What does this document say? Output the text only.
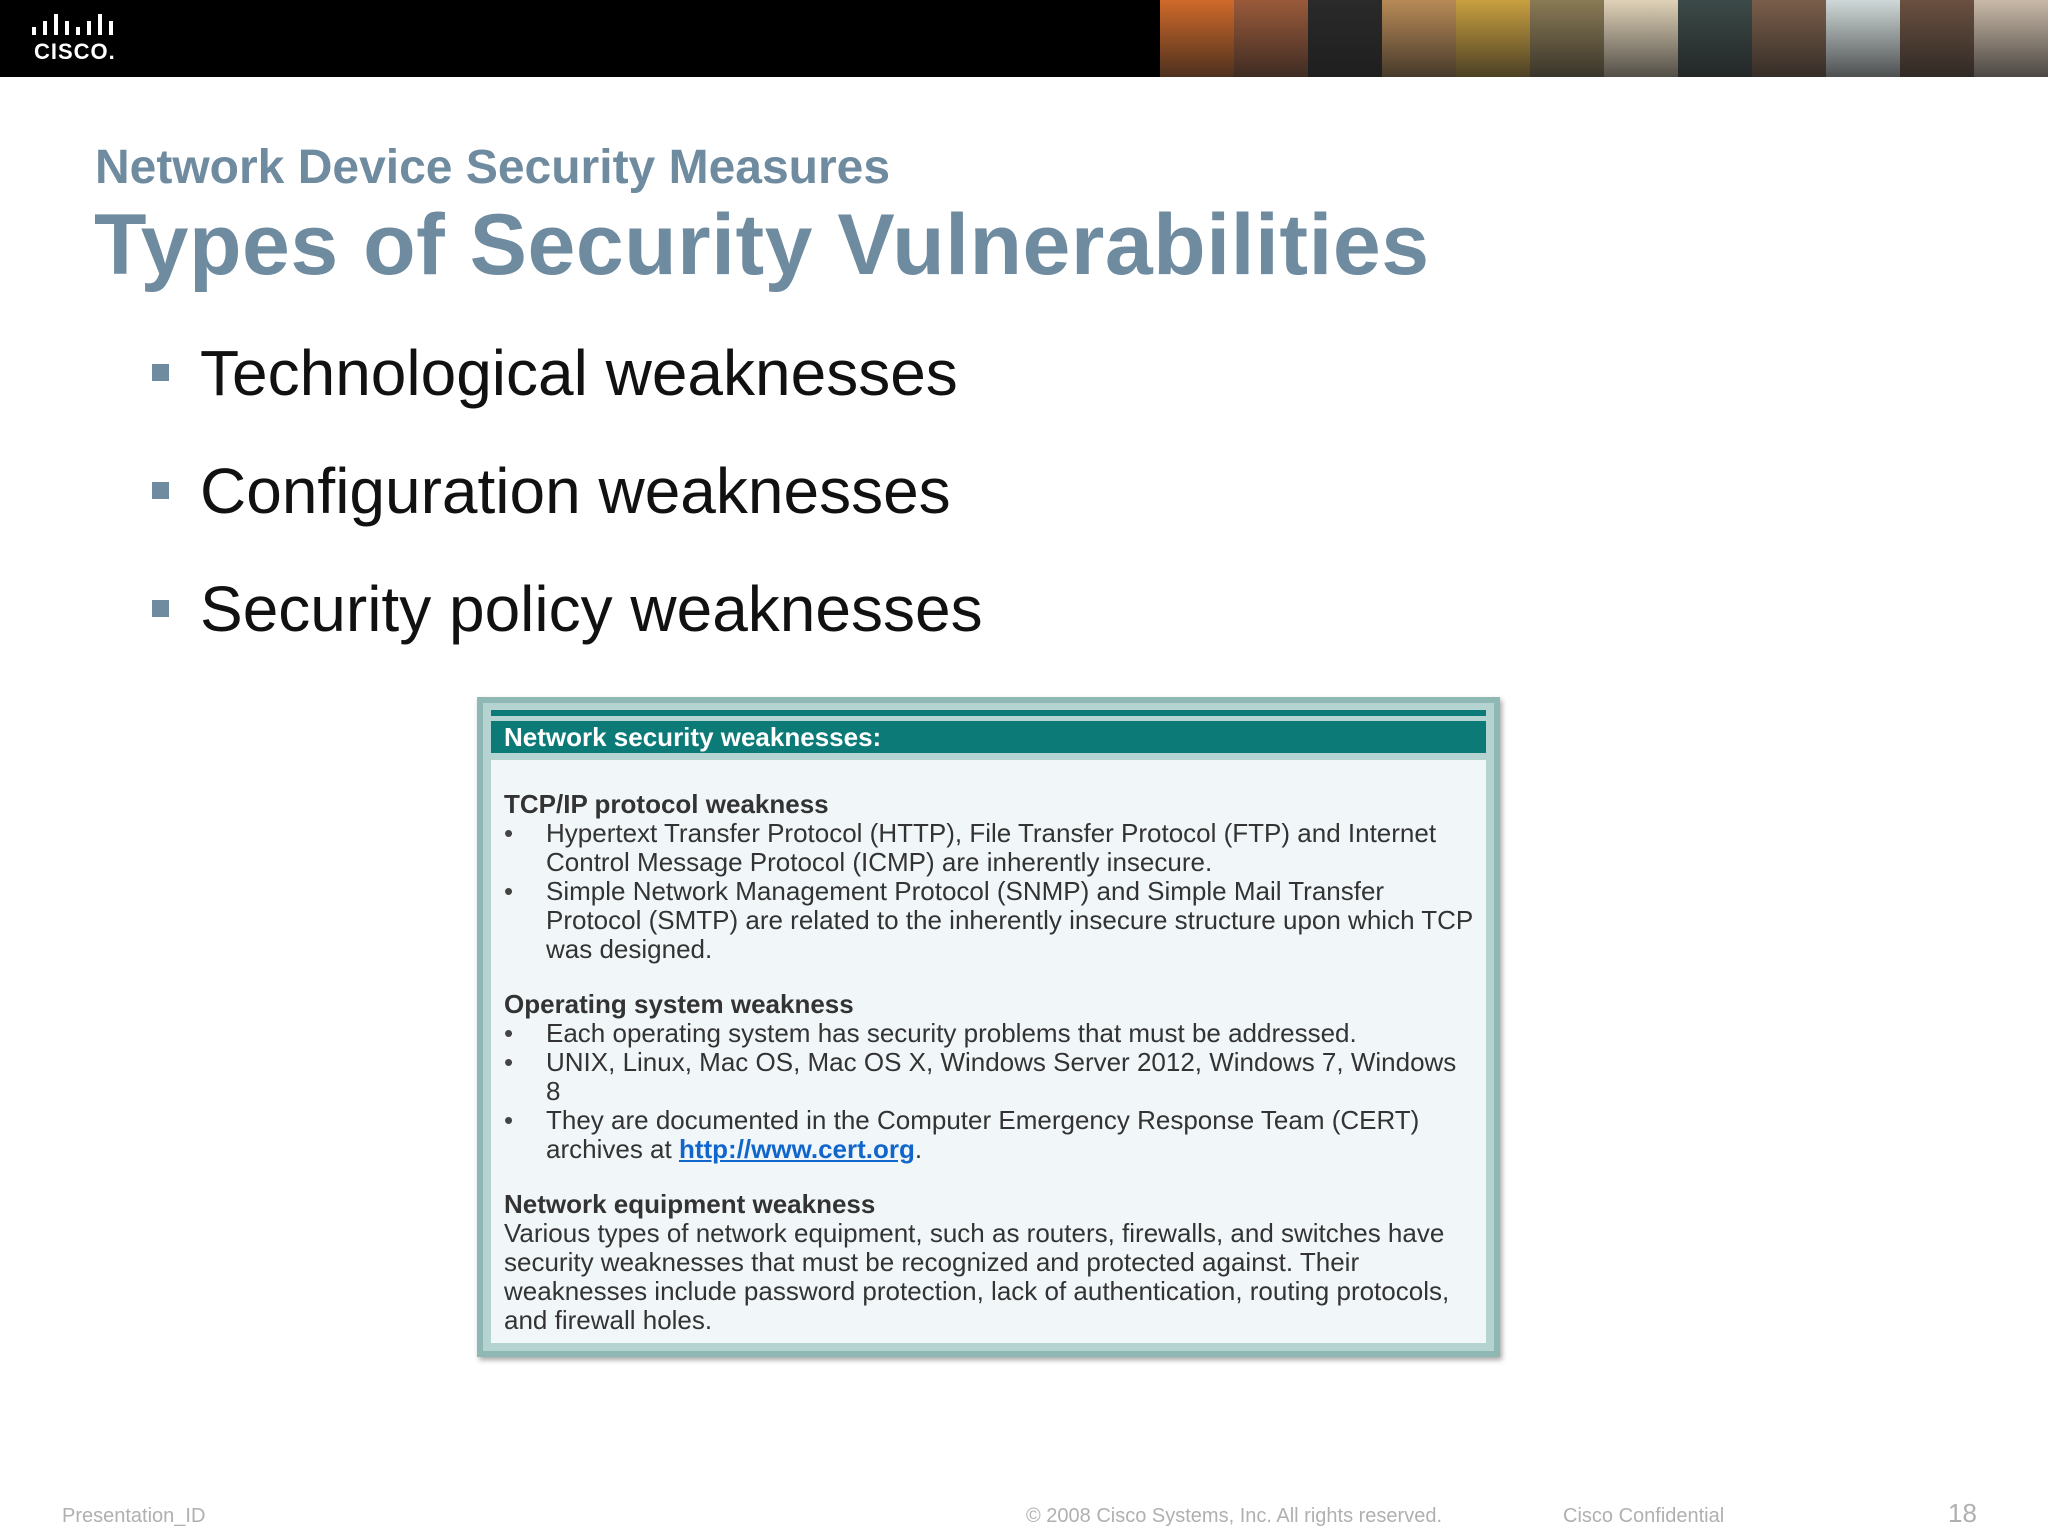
CISCO.
Network Device Security Measures
Types of Security Vulnerabilities
Technological weaknesses
Configuration weaknesses
Security policy weaknesses
Network security weaknesses:

TCP/IP protocol weakness

• Hypertext Transfer Protocol (HTTP), File Transfer Protocol (FTP) and Internet Control Message Protocol (ICMP) are inherently insecure.
• Simple Network Management Protocol (SNMP) and Simple Mail Transfer Protocol (SMTP) are related to the inherently insecure structure upon which TCP was designed.

Operating system weakness

• Each operating system has security problems that must be addressed.
• UNIX, Linux, Mac OS, Mac OS X, Windows Server 2012, Windows 7, Windows 8
• They are documented in the Computer Emergency Response Team (CERT) archives at http://www.cert.org.

Network equipment weakness

Various types of network equipment, such as routers, firewalls, and switches have security weaknesses that must be recognized and protected against. Their weaknesses include password protection, lack of authentication, routing protocols, and firewall holes.

Presentation_ID	© 2008 Cisco Systems, Inc. All rights reserved.	Cisco Confidential	18
